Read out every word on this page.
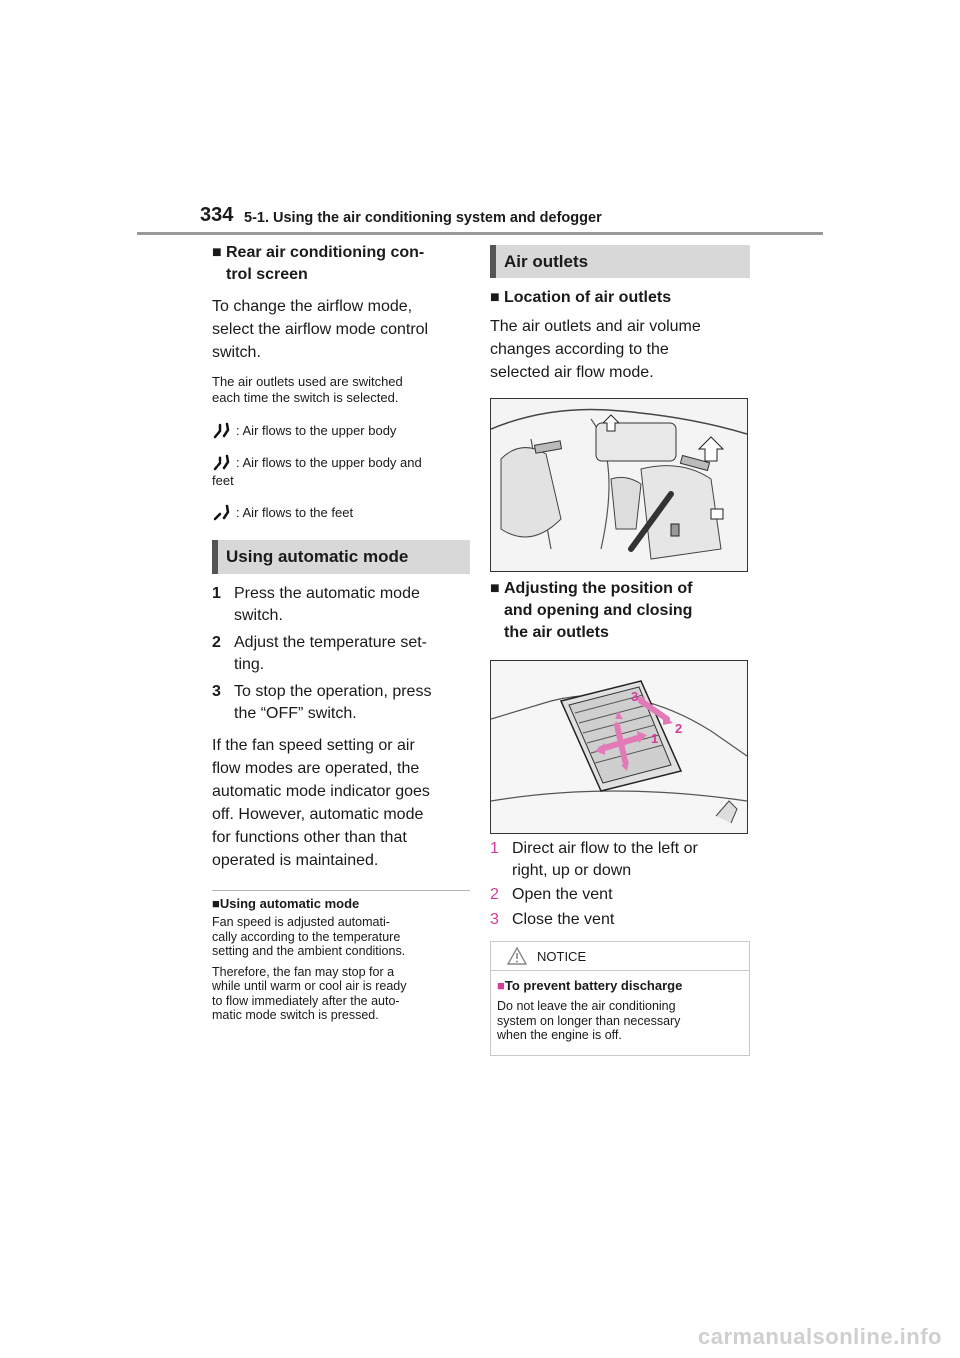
334 5-1. Using the air conditioning system and defogger
■ Rear air conditioning con-
trol screen
To change the airflow mode,
select the airflow mode control
switch.
The air outlets used are switched
each time the switch is selected.
: Air flows to the upper body
: Air flows to the upper body and
feet
: Air flows to the feet
Using automatic mode
1 Press the automatic mode
switch.
2 Adjust the temperature set-
ting.
3 To stop the operation, press
the “OFF” switch.
If the fan speed setting or air
flow modes are operated, the
automatic mode indicator goes
off. However, automatic mode
for functions other than that
operated is maintained.
■Using automatic mode
Fan speed is adjusted automati-
cally according to the temperature
setting and the ambient conditions.
Therefore, the fan may stop for a
while until warm or cool air is ready
to flow immediately after the auto-
matic mode switch is pressed.
Air outlets
■ Location of air outlets
The air outlets and air volume
changes according to the
selected air flow mode.
■ Adjusting the position of
and opening and closing
the air outlets
3
2
1
1 Direct air flow to the left or
right, up or down
2 Open the vent
3 Close the vent
NOTICE
■To prevent battery discharge
Do not leave the air conditioning
system on longer than necessary
when the engine is off.
carmanualsonline.info
